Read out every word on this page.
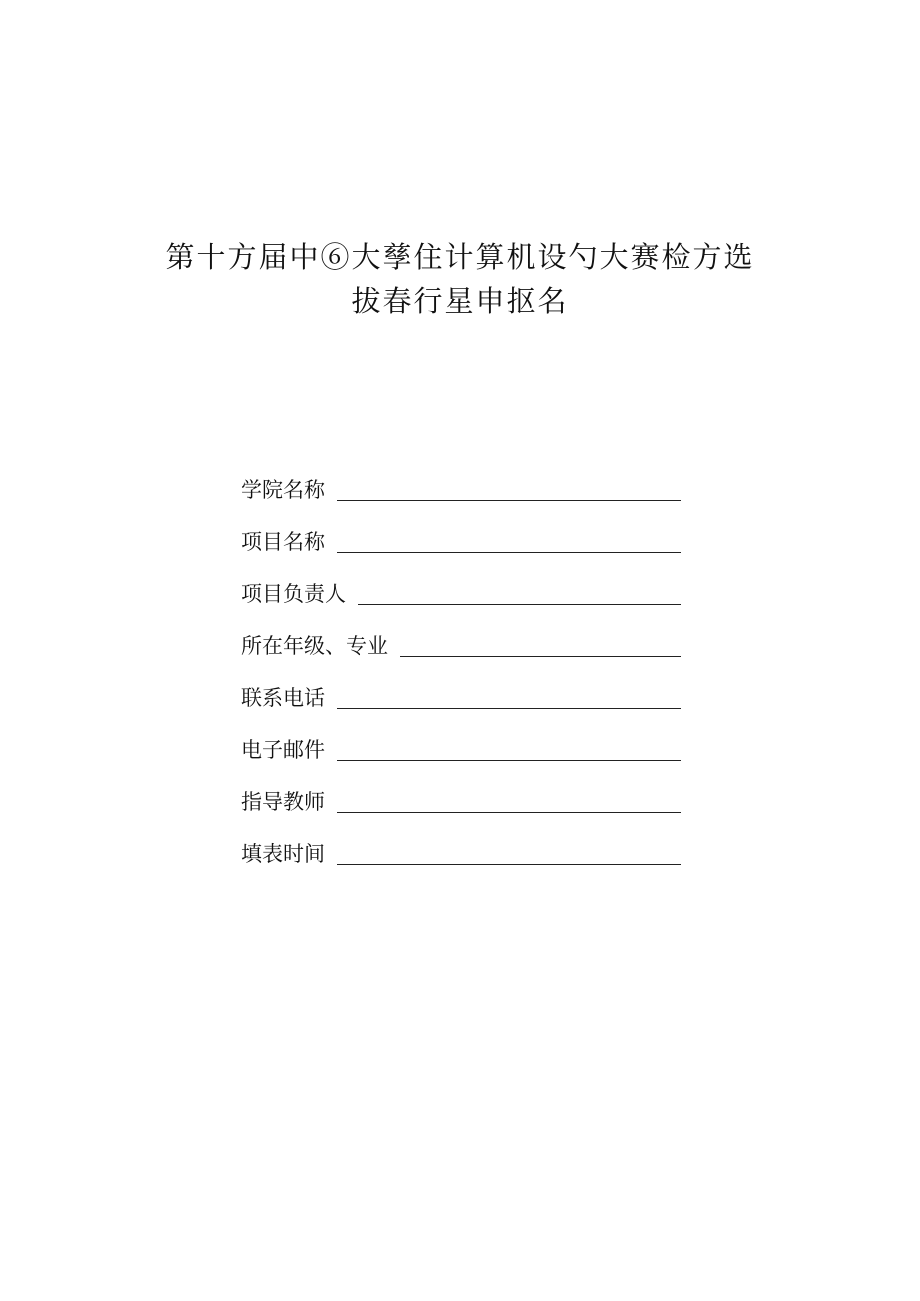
第十方届中⑥大孳住计算机设勺大赛检方选
拔春行星申抠名
学院名称
项目名称
项目负责人
所在年级、专业
联系电话
电子邮件
指导教师
填表时间
